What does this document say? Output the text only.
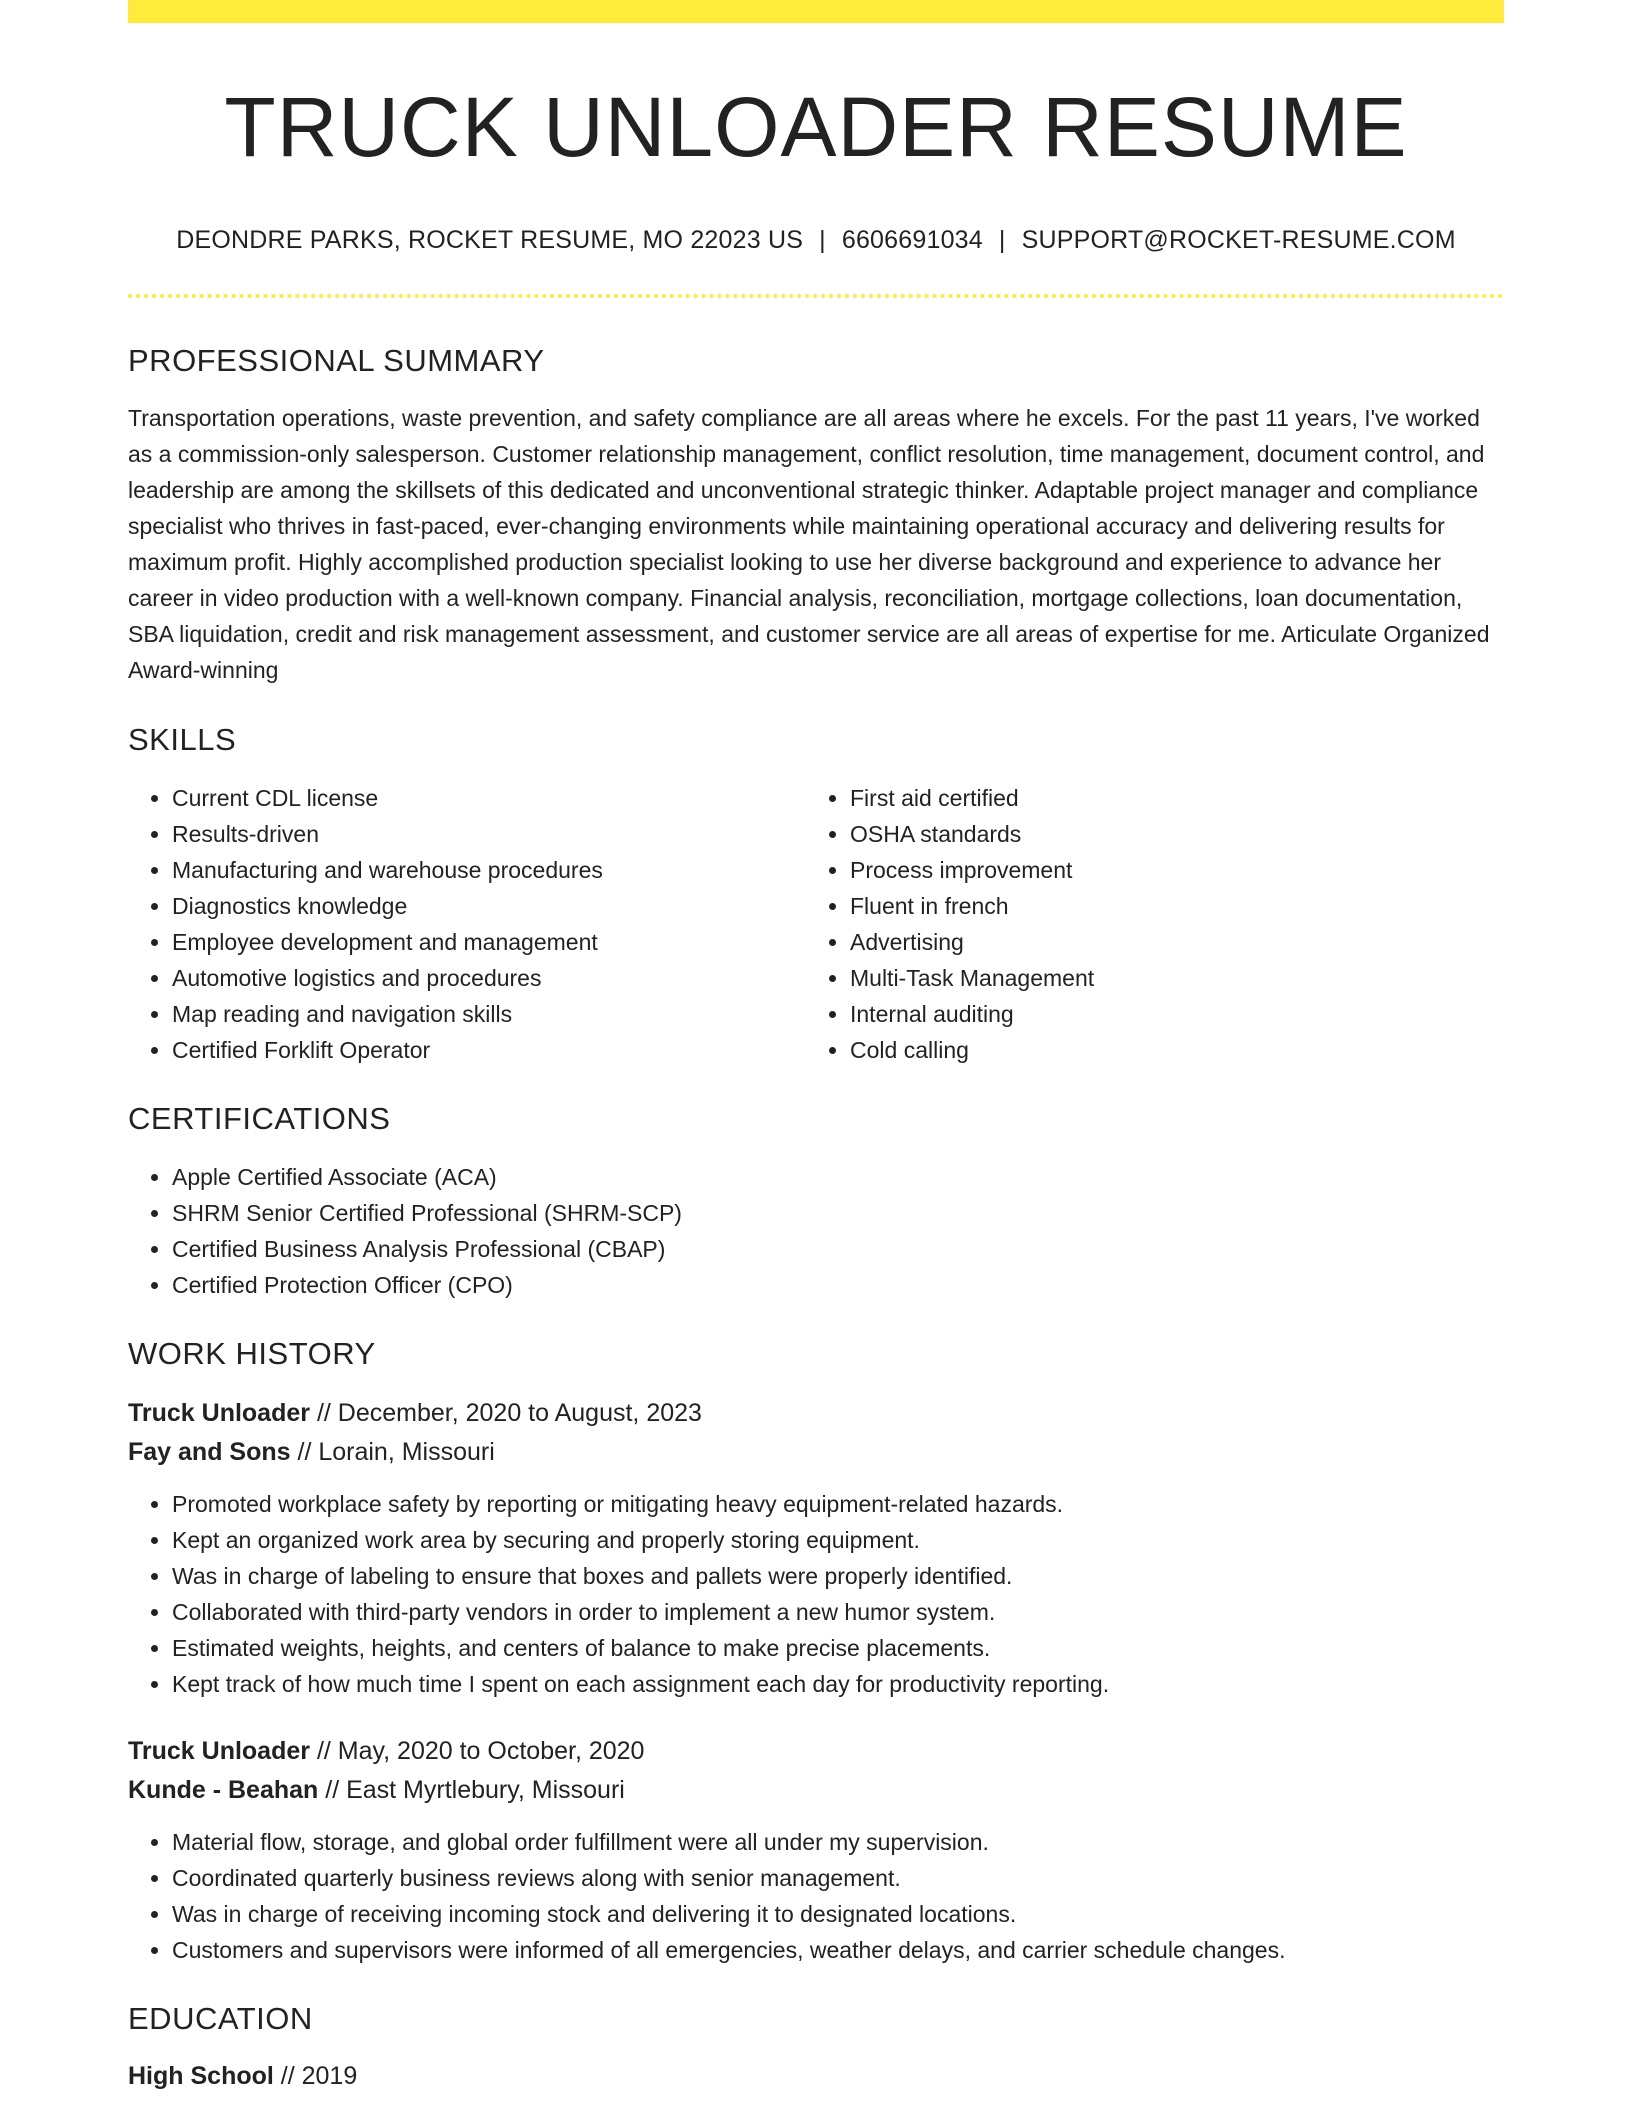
TRUCK UNLOADER RESUME
DEONDRE PARKS, ROCKET RESUME, MO 22023 US | 6606691034 | SUPPORT@ROCKET-RESUME.COM
PROFESSIONAL SUMMARY

Transportation operations, waste prevention, and safety compliance are all areas where he excels. For the past 11 years, I've worked as a commission-only salesperson. Customer relationship management, conflict resolution, time management, document control, and leadership are among the skillsets of this dedicated and unconventional strategic thinker. Adaptable project manager and compliance specialist who thrives in fast-paced, ever-changing environments while maintaining operational accuracy and delivering results for maximum profit. Highly accomplished production specialist looking to use her diverse background and experience to advance her career in video production with a well-known company. Financial analysis, reconciliation, mortgage collections, loan documentation, SBA liquidation, credit and risk management assessment, and customer service are all areas of expertise for me. Articulate Organized Award-winning

SKILLS
• Current CDL license
• Results-driven
• Manufacturing and warehouse procedures
• Diagnostics knowledge
• Employee development and management
• Automotive logistics and procedures
• Map reading and navigation skills
• Certified Forklift Operator
• First aid certified
• OSHA standards
• Process improvement
• Fluent in french
• Advertising
• Multi-Task Management
• Internal auditing
• Cold calling
CERTIFICATIONS
• Apple Certified Associate (ACA)
• SHRM Senior Certified Professional (SHRM-SCP)
• Certified Business Analysis Professional (CBAP)
• Certified Protection Officer (CPO)
WORK HISTORY
Truck Unloader // December, 2020 to August, 2023
Fay and Sons // Lorain, Missouri
• Promoted workplace safety by reporting or mitigating heavy equipment-related hazards.
• Kept an organized work area by securing and properly storing equipment.
• Was in charge of labeling to ensure that boxes and pallets were properly identified.
• Collaborated with third-party vendors in order to implement a new humor system.
• Estimated weights, heights, and centers of balance to make precise placements.
• Kept track of how much time I spent on each assignment each day for productivity reporting.
Truck Unloader // May, 2020 to October, 2020
Kunde - Beahan // East Myrtlebury, Missouri
• Material flow, storage, and global order fulfillment were all under my supervision.
• Coordinated quarterly business reviews along with senior management.
• Was in charge of receiving incoming stock and delivering it to designated locations.
• Customers and supervisors were informed of all emergencies, weather delays, and carrier schedule changes.
EDUCATION
High School // 2019
